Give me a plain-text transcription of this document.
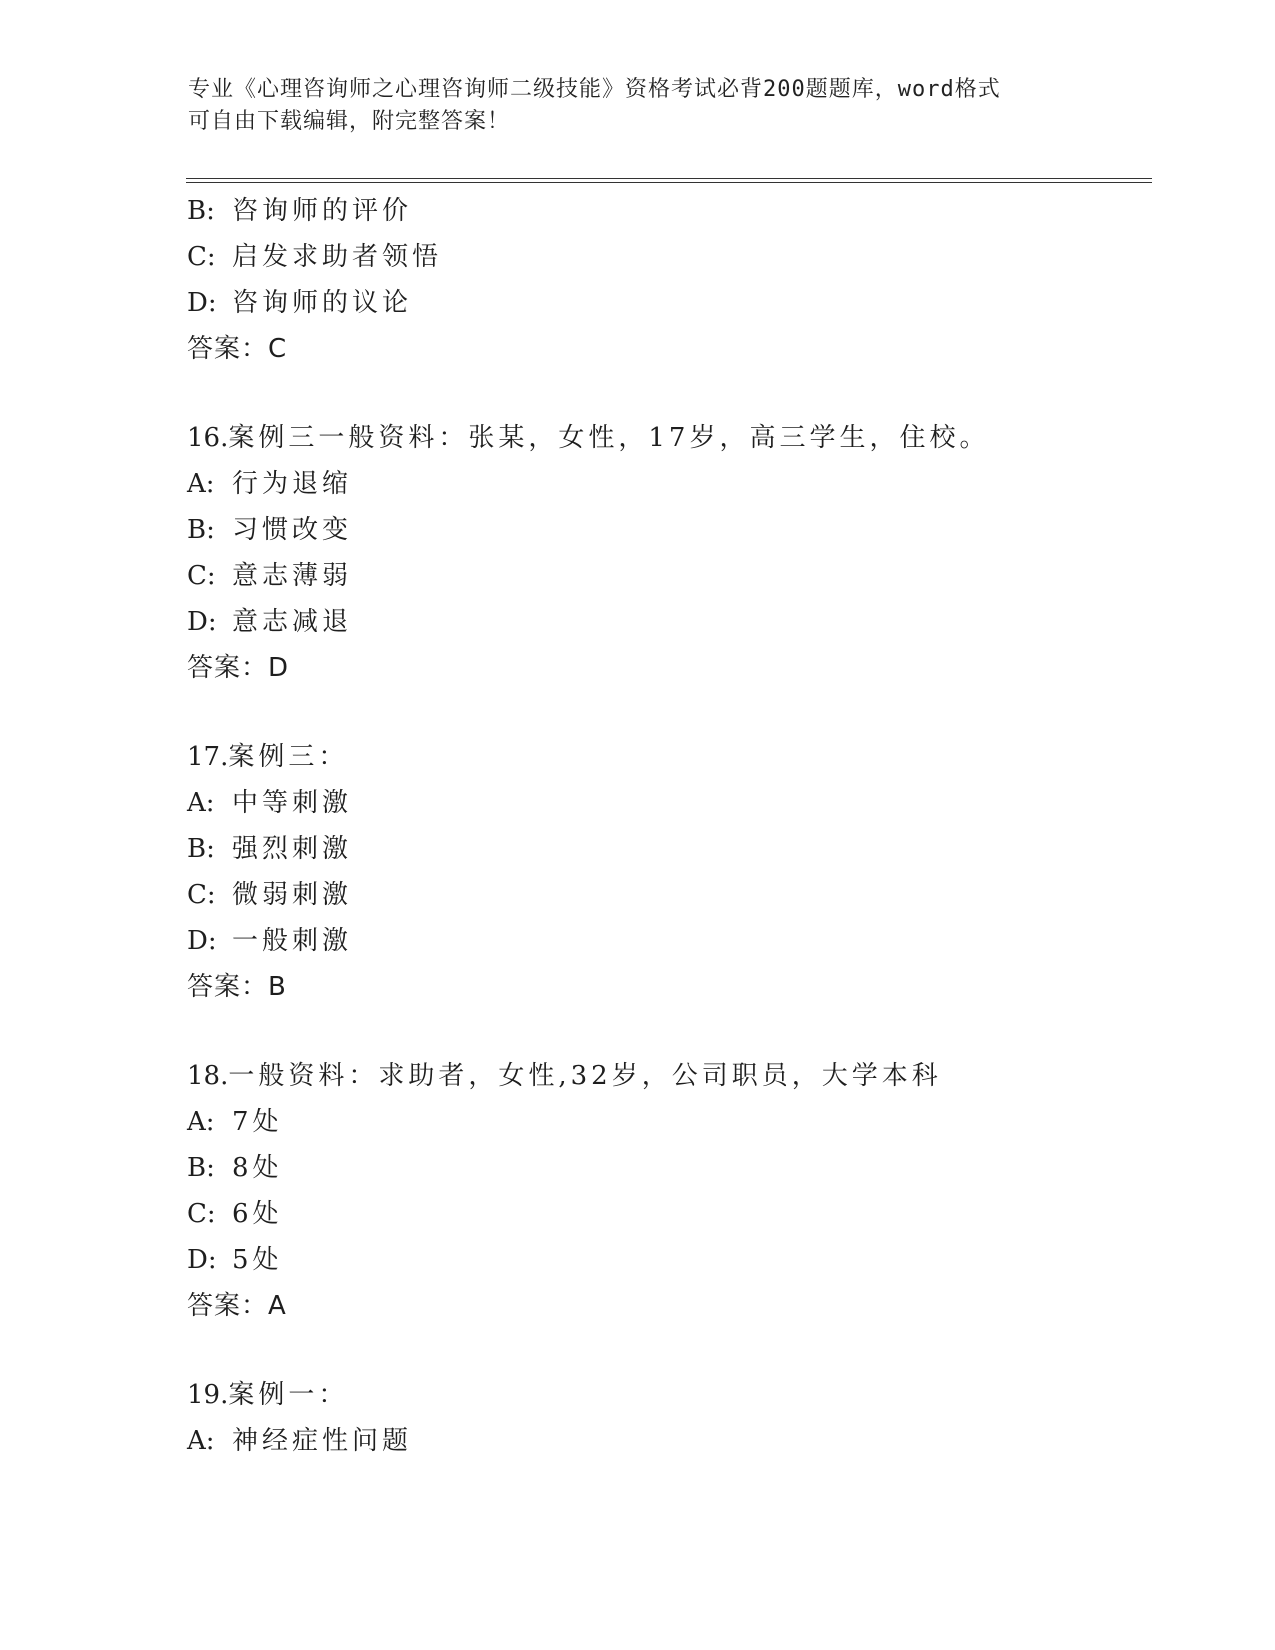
专业《心理咨询师之心理咨询师二级技能》资格考试必背200题题库，word格式
可自由下载编辑，附完整答案！
B: 咨询师的评价
C: 启发求助者领悟
D: 咨询师的议论
答案：C
16.案例三一般资料：张某，女性，17岁，高三学生，住校。
A: 行为退缩
B: 习惯改变
C: 意志薄弱
D: 意志减退
答案：D
17.案例三：
A: 中等刺激
B: 强烈刺激
C: 微弱刺激
D: 一般刺激
答案：B
18.一般资料：求助者，女性,32岁，公司职员，大学本科
A: 7处
B: 8处
C: 6处
D: 5处
答案：A
19.案例一：
A: 神经症性问题
